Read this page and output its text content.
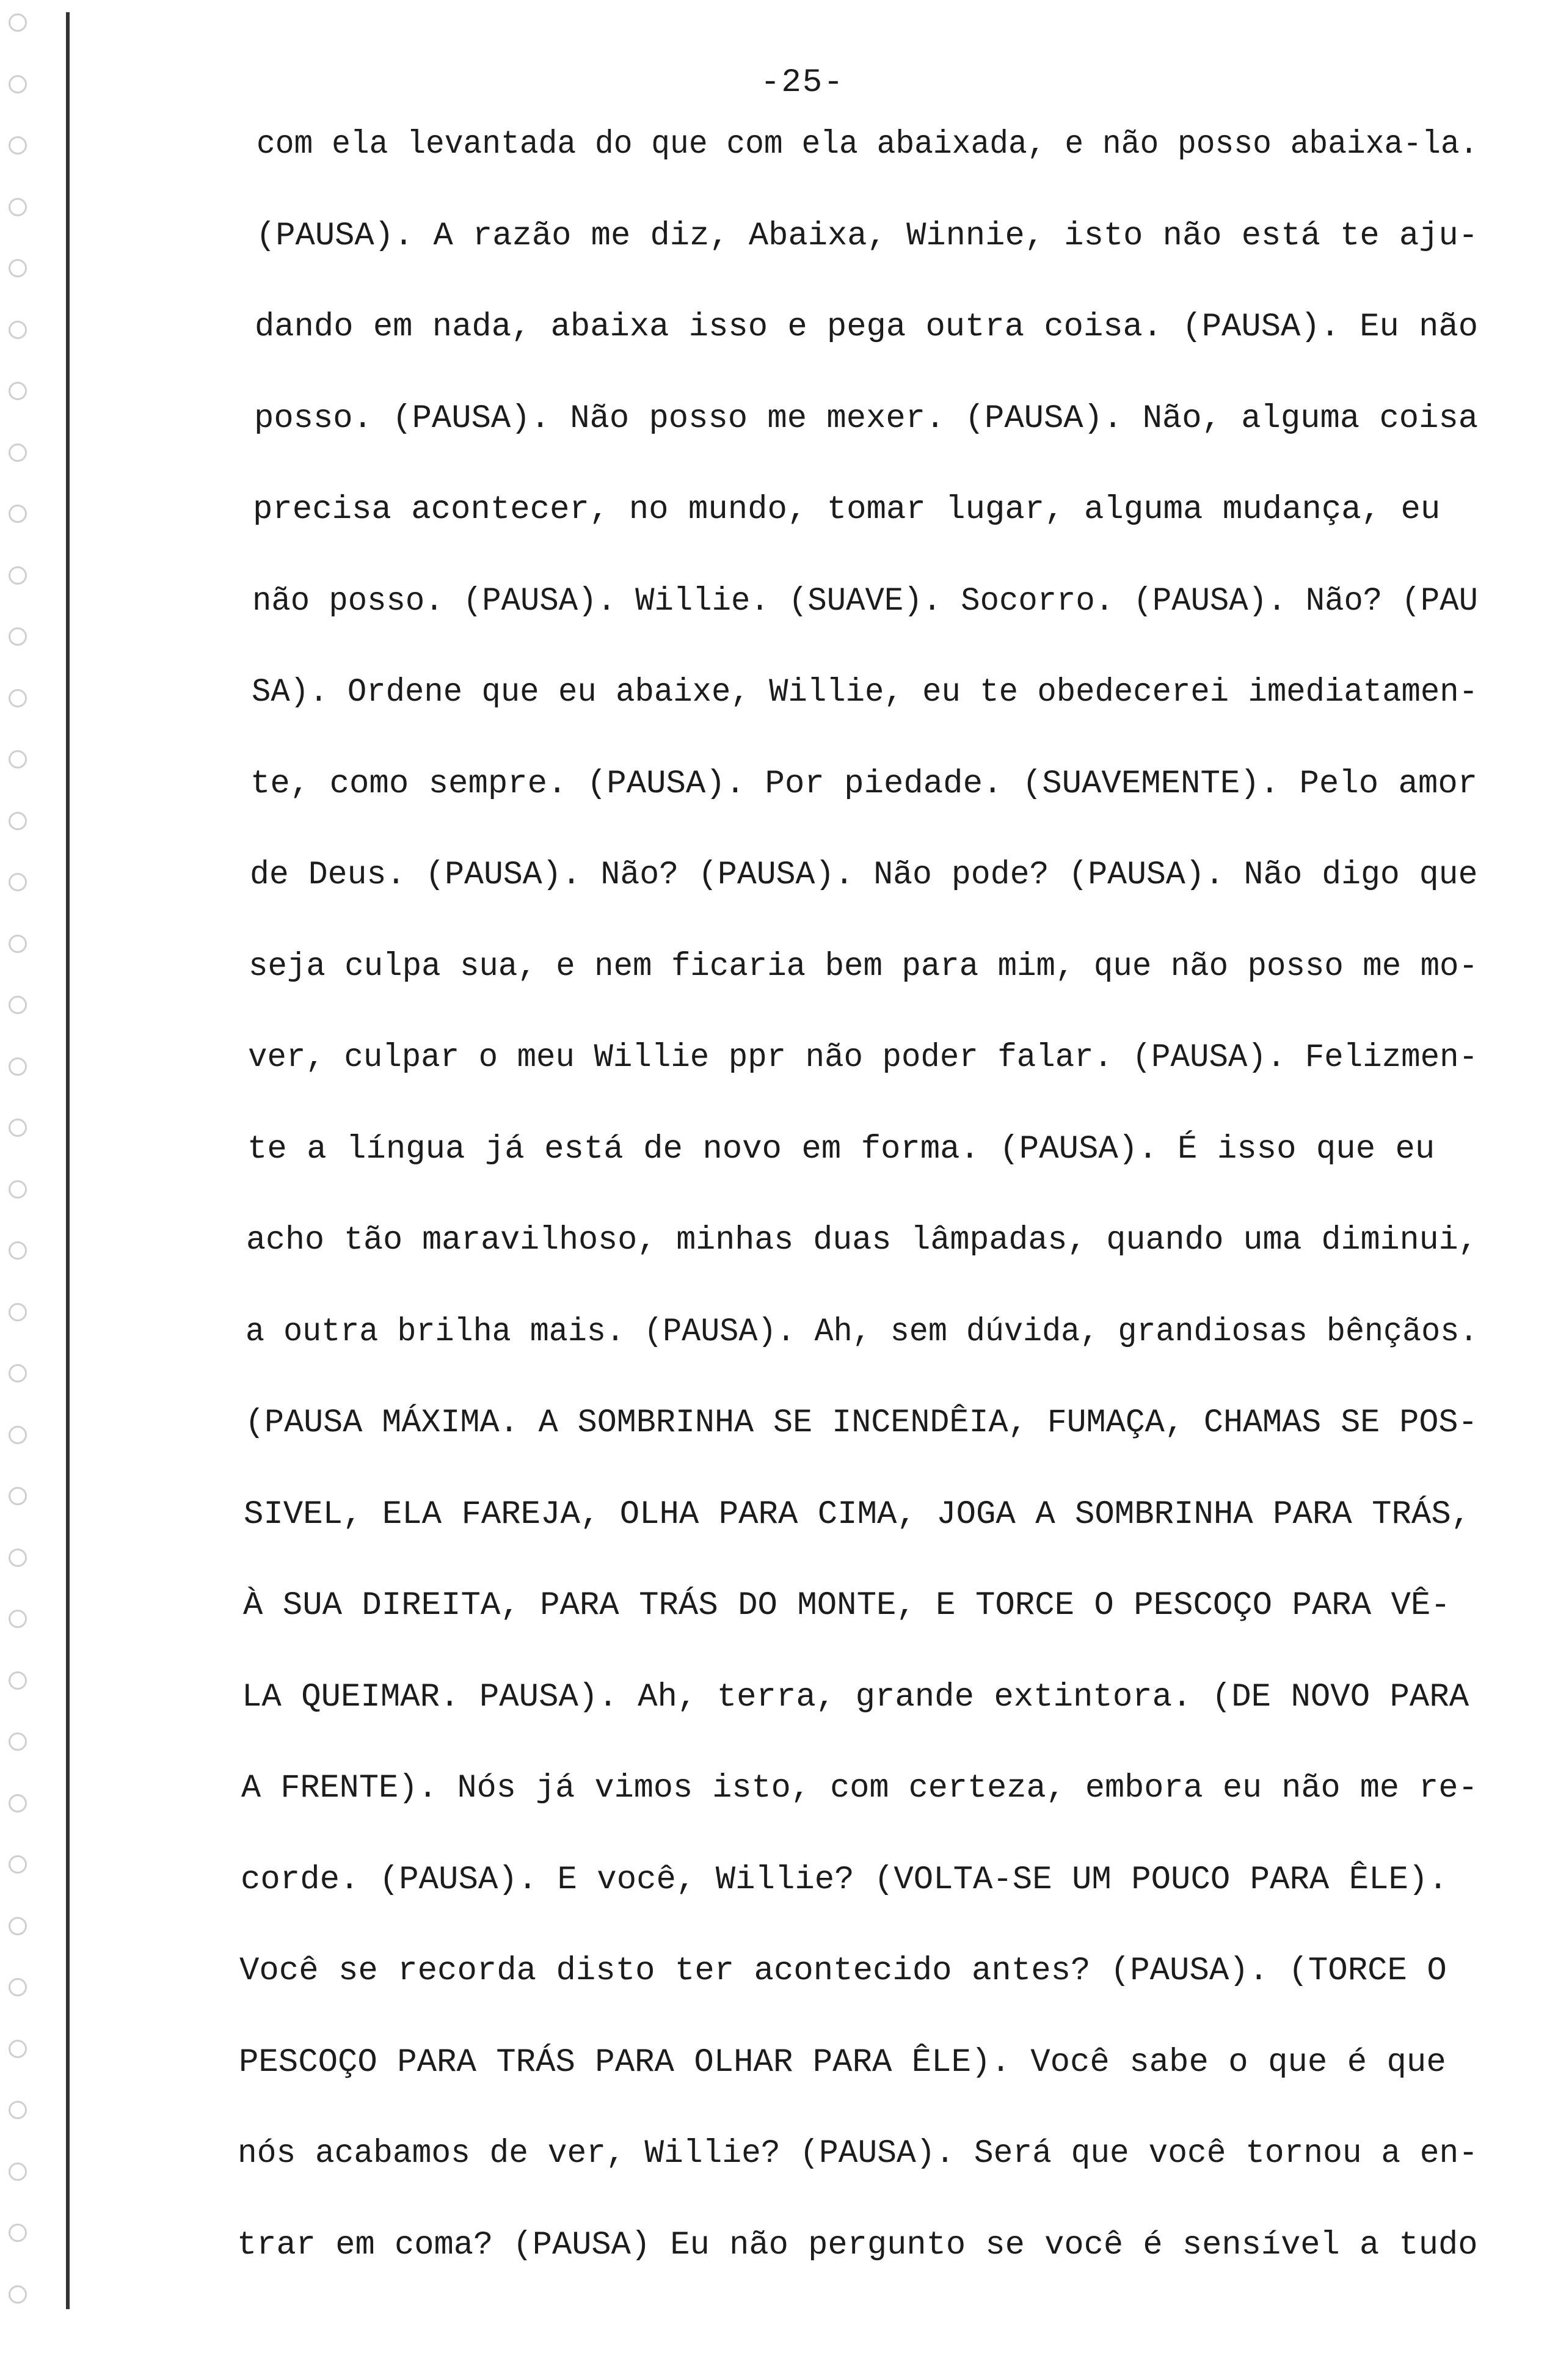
-25-
com ela levantada do que com ela abaixada, e não posso abaixa-la.
(PAUSA). A razão me diz, Abaixa, Winnie, isto não está te aju-
dando em nada, abaixa isso e pega outra coisa. (PAUSA). Eu não
posso. (PAUSA). Não posso me mexer. (PAUSA). Não, alguma coisa
precisa acontecer, no mundo, tomar lugar, alguma mudança, eu
não posso. (PAUSA). Willie. (SUAVE). Socorro. (PAUSA). Não? (PAU
SA). Ordene que eu abaixe, Willie, eu te obedecerei imediatamen-
te, como sempre. (PAUSA). Por piedade. (SUAVEMENTE). Pelo amor
de Deus. (PAUSA). Não? (PAUSA). Não pode? (PAUSA). Não digo que
seja culpa sua, e nem ficaria bem para mim, que não posso me mo-
ver, culpar o meu Willie ppr não poder falar. (PAUSA). Felizmen-
te a língua já está de novo em forma. (PAUSA). É isso que eu
acho tão maravilhoso, minhas duas lâmpadas, quando uma diminui,
a outra brilha mais. (PAUSA). Ah, sem dúvida, grandiosas bênçãos.
(PAUSA MÁXIMA. A SOMBRINHA SE INCENDÊIA, FUMAÇA, CHAMAS SE POS-
SIVEL, ELA FAREJA, OLHA PARA CIMA, JOGA A SOMBRINHA PARA TRÁS,
À SUA DIREITA, PARA TRÁS DO MONTE, E TORCE O PESCOÇO PARA VÊ-
LA QUEIMAR. PAUSA). Ah, terra, grande extintora. (DE NOVO PARA
A FRENTE). Nós já vimos isto, com certeza, embora eu não me re-
corde. (PAUSA). E você, Willie? (VOLTA-SE UM POUCO PARA ÊLE).
Você se recorda disto ter acontecido antes? (PAUSA). (TORCE O
PESCOÇO PARA TRÁS PARA OLHAR PARA ÊLE). Você sabe o que é que
nós acabamos de ver, Willie? (PAUSA). Será que você tornou a en-
trar em coma? (PAUSA) Eu não pergunto se você é sensível a tudo
